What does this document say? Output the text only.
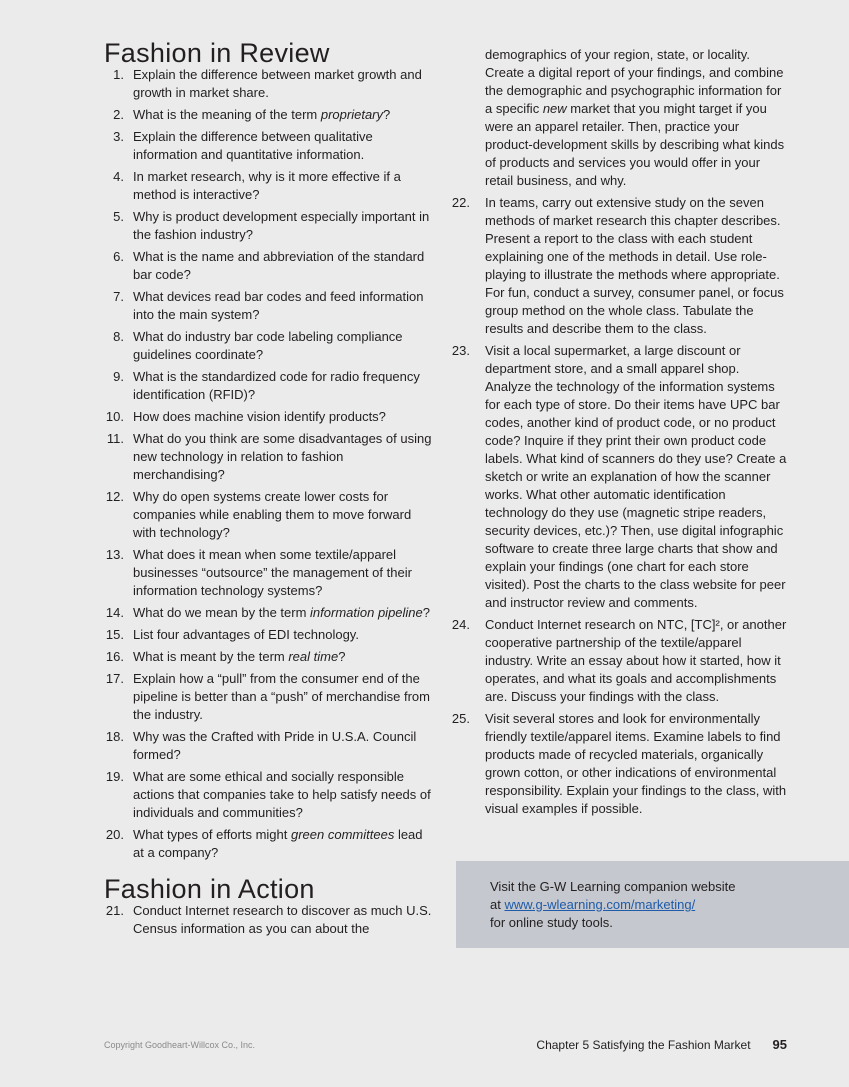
Fashion in Review
1. Explain the difference between market growth and growth in market share.
2. What is the meaning of the term proprietary?
3. Explain the difference between qualitative information and quantitative information.
4. In market research, why is it more effective if a method is interactive?
5. Why is product development especially important in the fashion industry?
6. What is the name and abbreviation of the standard bar code?
7. What devices read bar codes and feed information into the main system?
8. What do industry bar code labeling compliance guidelines coordinate?
9. What is the standardized code for radio frequency identification (RFID)?
10. How does machine vision identify products?
11. What do you think are some disadvantages of using new technology in relation to fashion merchandising?
12. Why do open systems create lower costs for companies while enabling them to move forward with technology?
13. What does it mean when some textile/apparel businesses “outsource” the management of their information technology systems?
14. What do we mean by the term information pipeline?
15. List four advantages of EDI technology.
16. What is meant by the term real time?
17. Explain how a “pull” from the consumer end of the pipeline is better than a “push” of merchandise from the industry.
18. Why was the Crafted with Pride in U.S.A. Council formed?
19. What are some ethical and socially responsible actions that companies take to help satisfy needs of individuals and communities?
20. What types of efforts might green committees lead at a company?
Fashion in Action
21. Conduct Internet research to discover as much U.S. Census information as you can about the
demographics of your region, state, or locality. Create a digital report of your findings, and combine the demographic and psychographic information for a specific new market that you might target if you were an apparel retailer. Then, practice your product-development skills by describing what kinds of products and services you would offer in your retail business, and why.
22. In teams, carry out extensive study on the seven methods of market research this chapter describes. Present a report to the class with each student explaining one of the methods in detail. Use role-playing to illustrate the methods where appropriate. For fun, conduct a survey, consumer panel, or focus group method on the whole class. Tabulate the results and describe them to the class.
23. Visit a local supermarket, a large discount or department store, and a small apparel shop. Analyze the technology of the information systems for each type of store. Do their items have UPC bar codes, another kind of product code, or no product code? Inquire if they print their own product code labels. What kind of scanners do they use? Create a sketch or write an explanation of how the scanner works. What other automatic identification technology do they use (magnetic stripe readers, security devices, etc.)? Then, use digital infographic software to create three large charts that show and explain your findings (one chart for each store visited). Post the charts to the class website for peer and instructor review and comments.
24. Conduct Internet research on NTC, [TC]², or another cooperative partnership of the textile/apparel industry. Write an essay about how it started, how it operates, and what its goals and accomplishments are. Discuss your findings with the class.
25. Visit several stores and look for environmentally friendly textile/apparel items. Examine labels to find products made of recycled materials, organically grown cotton, or other indications of environmental responsibility. Explain your findings to the class, with visual examples if possible.
Visit the G-W Learning companion website
at www.g-wlearning.com/marketing/
for online study tools.
Copyright Goodheart-Willcox Co., Inc.	Chapter 5 Satisfying the Fashion Market 95
